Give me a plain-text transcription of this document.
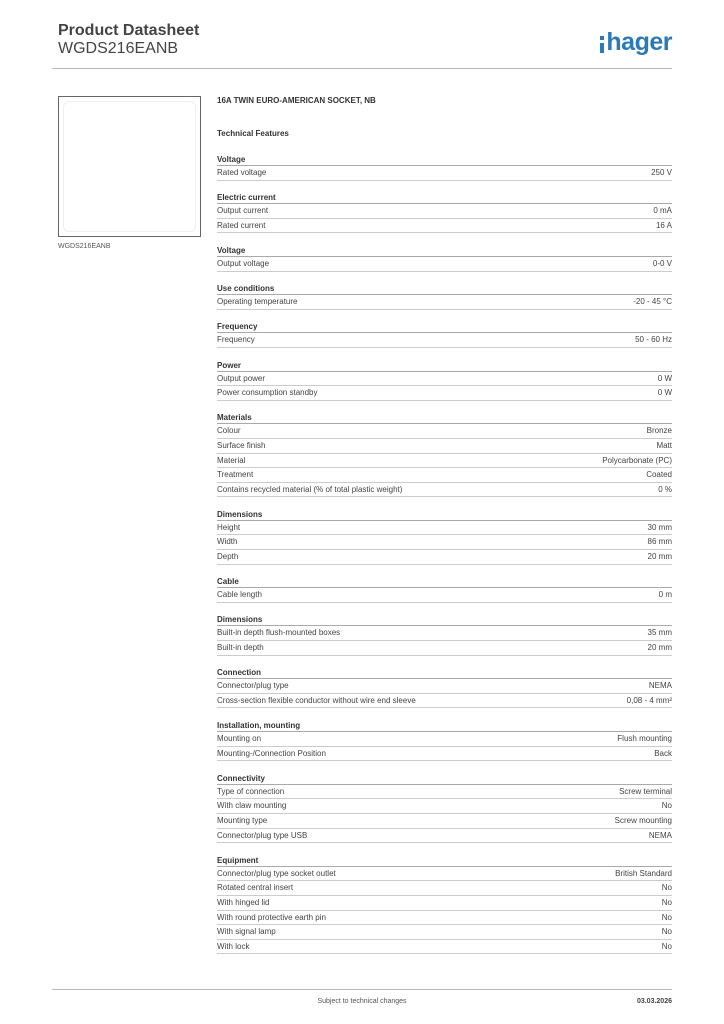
Product Datasheet
WGDS216EANB	hager
WGDS216EANB
16A TWIN EURO-AMERICAN SOCKET, NB
Technical Features
Voltage
Rated voltage	250 V
Electric current
Output current	0 mA
Rated current	16 A
Voltage
Output voltage	0-0 V
Use conditions
Operating temperature	-20 - 45 °C
Frequency
Frequency	50 - 60 Hz
Power
Output power	0 W
Power consumption standby	0 W
Materials
Colour	Bronze
Surface finish	Matt
Material	Polycarbonate (PC)
Treatment	Coated
Contains recycled material (% of total plastic weight)	0 %
Dimensions
Height	30 mm
Width	86 mm
Depth	20 mm
Cable
Cable length	0 m
Dimensions
Built-in depth flush-mounted boxes	35 mm
Built-in depth	20 mm
Connection
Connector/plug type	NEMA
Cross-section flexible conductor without wire end sleeve	0,08 - 4 mm²
Installation, mounting
Mounting on	Flush mounting
Mounting-/Connection Position	Back
Connectivity
Type of connection	Screw terminal
With claw mounting	No
Mounting type	Screw mounting
Connector/plug type USB	NEMA
Equipment
Connector/plug type socket outlet	British Standard
Rotated central insert	No
With hinged lid	No
With round protective earth pin	No
With signal lamp	No
With lock	No
Subject to technical changes	03.03.2026
